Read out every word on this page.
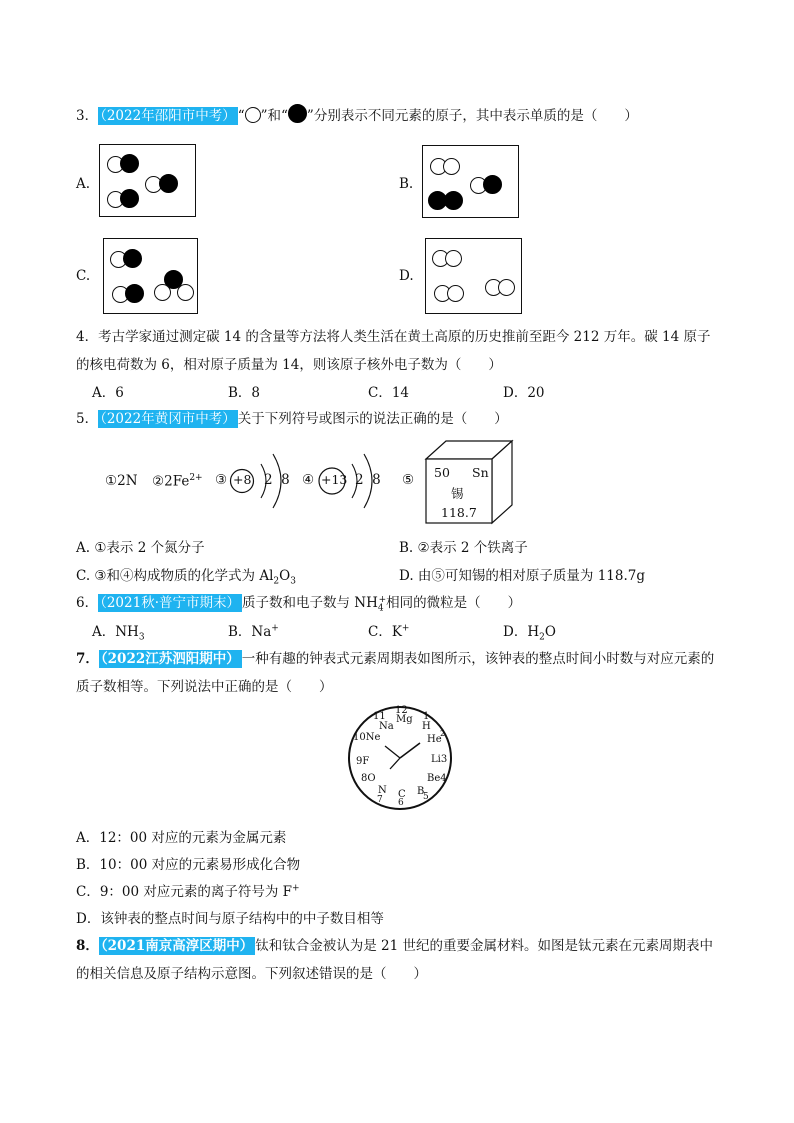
3． （2022年邵阳市中考） “ ”和“ ”分别表示不同元素的原子，其中表示单质的是（　　）
A.	B.
C.	D.
4．考古学家通过测定碳 14 的含量等方法将人类生活在黄土高原的历史推前至距今 212 万年。碳 14 原子
的核电荷数为 6，相对原子质量为 14，则该原子核外电子数为（　　）
A．6	B．8	C．14	D．20
5． （2022年黄冈市中考） 关于下列符号或图示的说法正确的是（　　）
①2N $②2Fe^{2+}$ ③ +8 2  8 ④ +13 2  8 ⑤ 50 Sn
锡
118.7
A. ①表示 2 个氮分子	B. ②表示 2 个铁离子
C. ③和④构成物质的化学式为 $Al_2O_3$	D. 由⑤可知锡的相对原子质量为 118.7g
6． （2021秋·普宁市期末） 质子数和电子数与 $NH_4^+$相同的微粒是（　　）
A．$NH_3$	B．Na+	C．K+	D．$H_2O$
7． （2022江苏泗阳期中） 一种有趣的钟表式元素周期表如图所示，该钟表的整点时间小时数与对应元素的
质子数相等。下列说法中正确的是（　　）
12
Mg
11
Na
1
H
10Ne	He
2
Li3
9F
Be4
8O
B
5
N
7 C
6
A．12：00 对应的元素为金属元素
B．10：00 对应的元素易形成化合物
C．9：00 对应元素的离子符号为 F+
D．该钟表的整点时间与原子结构中的中子数目相等
8． （2021南京高淳区期中） 钛和钛合金被认为是 21 世纪的重要金属材料。如图是钛元素在元素周期表中
的相关信息及原子结构示意图。下列叙述错误的是（　　）
